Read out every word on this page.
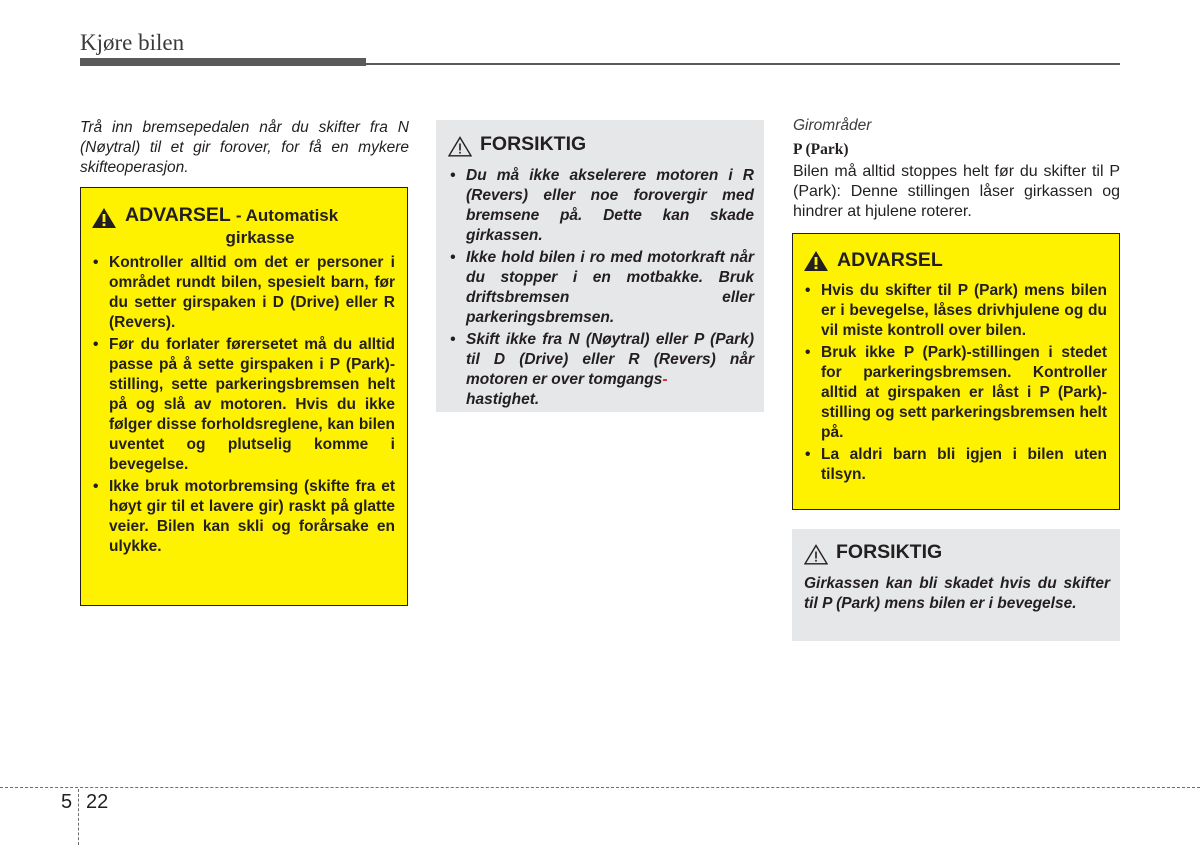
Kjøre bilen
Trå inn bremsepedalen når du skifter fra N (Nøytral) til et gir forover, for få en mykere skifteoperasjon.
ADVARSEL - Automatisk
girkasse
• Kontroller alltid om det er personer i området rundt bilen, spesielt barn, før du setter girspaken i D (Drive) eller R (Revers).
• Før du forlater førersetet må du alltid passe på å sette girspaken i P (Park)-stilling, sette parkeringsbremsen helt på og slå av motoren. Hvis du ikke følger disse forholdsreglene, kan bilen uventet og plutselig komme i bevegelse.
• Ikke bruk motorbremsing (skifte fra et høyt gir til et lavere gir) raskt på glatte veier. Bilen kan skli og forårsake en ulykke.
FORSIKTIG
• Du må ikke akselerere motoren i R (Revers) eller noe forovergir med bremsene på. Dette kan skade girkassen.
• Ikke hold bilen i ro med motorkraft når du stopper i en motbakke. Bruk driftsbremsen eller parkeringsbremsen.
• Skift ikke fra N (Nøytral) eller P (Park) til D (Drive) eller R (Revers) når motoren er over tomgangs-
hastighet.
Girområder
P (Park)
Bilen må alltid stoppes helt før du skifter til P (Park): Denne stillingen låser girkassen og hindrer at hjulene roterer.
ADVARSEL
• Hvis du skifter til P (Park) mens bilen er i bevegelse, låses drivhjulene og du vil miste kontroll over bilen.
• Bruk ikke P (Park)-stillingen i stedet for parkeringsbremsen. Kontroller alltid at girspaken er låst i P (Park)-stilling og sett parkeringsbremsen helt på.
• La aldri barn bli igjen i bilen uten tilsyn.
FORSIKTIG
Girkassen kan bli skadet hvis du skifter til P (Park) mens bilen er i bevegelse.
5 22
